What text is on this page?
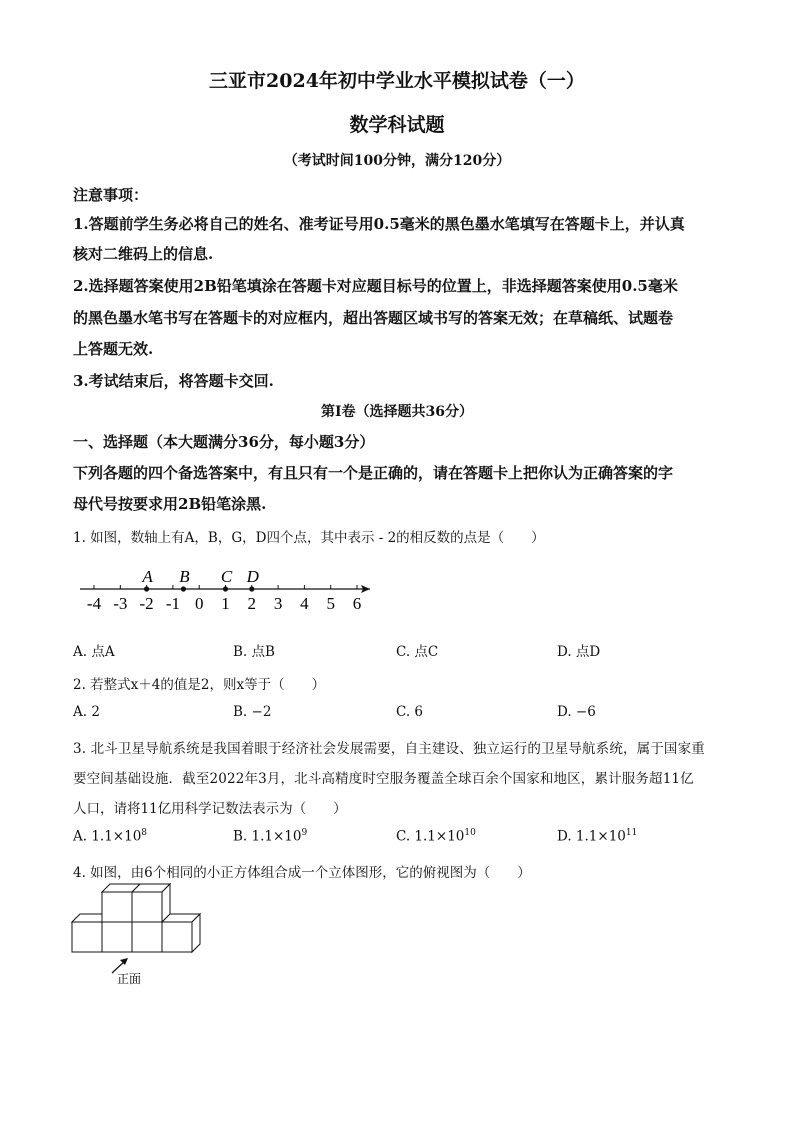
三亚市2024年初中学业水平模拟试卷（一）
数学科试题
（考试时间100分钟，满分120分）
注意事项：
1.答题前学生务必将自己的姓名、准考证号用0.5毫米的黑色墨水笔填写在答题卡上，并认真
核对二维码上的信息.
2.选择题答案使用2B铅笔填涂在答题卡对应题目标号的位置上，非选择题答案使用0.5毫米
的黑色墨水笔书写在答题卡的对应框内，超出答题区域书写的答案无效；在草稿纸、试题卷
上答题无效.
3.考试结束后，将答题卡交回.
第Ⅰ卷（选择题共36分）
一、选择题（本大题满分36分，每小题3分）
下列各题的四个备选答案中，有且只有一个是正确的，请在答题卡上把你认为正确答案的字
母代号按要求用2B铅笔涂黑.
1. 如图，数轴上有A，B，G，D四个点，其中表示 - 2的相反数的点是（　　）
-4 -3 -2 -1 0 1 2 3 4 5 6
A B C D
A. 点A	B. 点B	C. 点C	D. 点D
2. 若整式x＋4的值是2，则x等于（　　）
A. 2	B. −2	C. 6	D. −6
3. 北斗卫星导航系统是我国着眼于经济社会发展需要，自主建设、独立运行的卫星导航系统，属于国家重
要空间基础设施．截至2022年3月，北斗高精度时空服务覆盖全球百余个国家和地区，累计服务超11亿
人口，请将11亿用科学记数法表示为（　　）
A. $1.1\times 10^8$	B. $1.1\times 10^9$	C. $1.1\times 10^{10}$	D. $1.1\times 10^{11}$
4. 如图，由6个相同的小正方体组合成一个立体图形，它的俯视图为（　　）
正面
